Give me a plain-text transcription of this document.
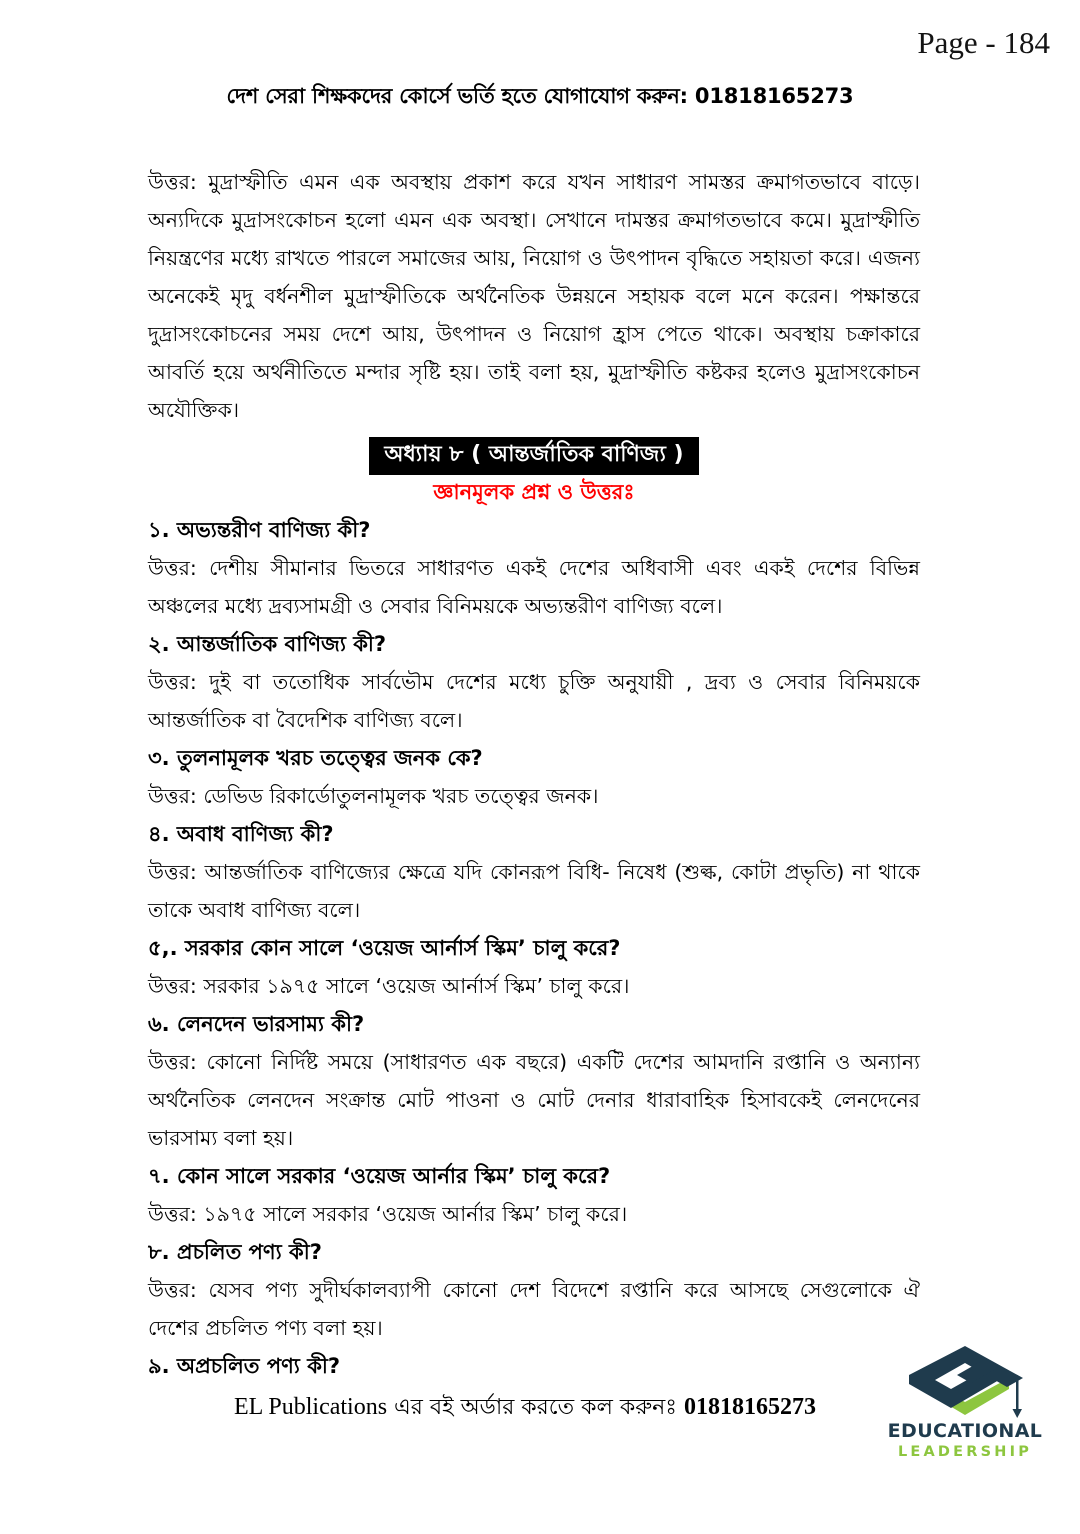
Page - 184
দেশ সেরা শিক্ষকদের কোর্সে ভর্তি হতে যোগাযোগ করুন: 01818165273

উত্তর: মুদ্রাস্ফীতি এমন এক অবস্থায় প্রকাশ করে যখন সাধারণ সামস্তর ক্রমাগতভাবে বাড়ে। অন্যদিকে মুদ্রাসংকোচন হলো এমন এক অবস্থা। সেখানে দামস্তর ক্রমাগতভাবে কমে। মুদ্রাস্ফীতি নিয়ন্ত্রণের মধ্যে রাখতে পারলে সমাজের আয়, নিয়োগ ও উৎপাদন বৃদ্ধিতে সহায়তা করে। এজন্য অনেকেই মৃদু বর্ধনশীল মুদ্রাস্ফীতিকে অর্থনৈতিক উন্নয়নে সহায়ক বলে মনে করেন। পক্ষান্তরে দুদ্রাসংকোচনের সময় দেশে আয়, উৎপাদন ও নিয়োগ হ্রাস পেতে থাকে। অবস্থায় চক্রাকারে আবর্তি হয়ে অর্থনীতিতে মন্দার সৃষ্টি হয়। তাই বলা হয়, মুদ্রাস্ফীতি কষ্টকর হলেও মুদ্রাসংকোচন অযৌক্তিক।

অধ্যায় ৮ ( আন্তর্জাতিক বাণিজ্য )
জ্ঞানমূলক প্রশ্ন ও উত্তরঃ

১. অভ্যন্তরীণ বাণিজ্য কী?

উত্তর: দেশীয় সীমানার ভিতরে সাধারণত একই দেশের অধিবাসী এবং একই দেশের বিভিন্ন অঞ্চলের মধ্যে দ্রব্যসামগ্রী ও সেবার বিনিময়কে অভ্যন্তরীণ বাণিজ্য বলে।

২. আন্তর্জাতিক বাণিজ্য কী?

উত্তর: দুই বা ততোধিক সার্বভৌম দেশের মধ্যে চুক্তি অনুযায়ী , দ্রব্য ও সেবার বিনিময়কে আন্তর্জাতিক বা বৈদেশিক বাণিজ্য বলে।

৩. তুলনামূলক খরচ তত্ত্বের জনক কে?

উত্তর: ডেভিড রিকার্ডোতুলনামূলক খরচ তত্ত্বের জনক।

৪. অবাধ বাণিজ্য কী?

উত্তর: আন্তর্জাতিক বাণিজ্যের ক্ষেত্রে যদি কোনরূপ বিধি- নিষেধ (শুল্ক, কোটা প্রভৃতি) না থাকে তাকে অবাধ বাণিজ্য বলে।

৫,. সরকার কোন সালে ‘ওয়েজ আর্নার্স স্কিম’ চালু করে?

উত্তর: সরকার ১৯৭৫ সালে ‘ওয়েজ আর্নার্স স্কিম’ চালু করে।

৬. লেনদেন ভারসাম্য কী?

উত্তর: কোনো নির্দিষ্ট সময়ে (সাধারণত এক বছরে) একটি দেশের আমদানি রপ্তানি ও অন্যান্য অর্থনৈতিক লেনদেন সংক্রান্ত মোট পাওনা ও মোট দেনার ধারাবাহিক হিসাবকেই লেনদেনের ভারসাম্য বলা হয়।

৭. কোন সালে সরকার ‘ওয়েজ আর্নার স্কিম’ চালু করে?

উত্তর: ১৯৭৫ সালে সরকার ‘ওয়েজ আর্নার স্কিম’ চালু করে।

৮. প্রচলিত পণ্য কী?

উত্তর: যেসব পণ্য সুদীর্ঘকালব্যাপী কোনো দেশ বিদেশে রপ্তানি করে আসছে সেগুলোকে ঐ দেশের প্রচলিত পণ্য বলা হয়।

৯. অপ্রচলিত পণ্য কী?

EL Publications এর বই অর্ডার করতে কল করুনঃ 01818165273
EDUCATIONAL
LEADERSHIP
